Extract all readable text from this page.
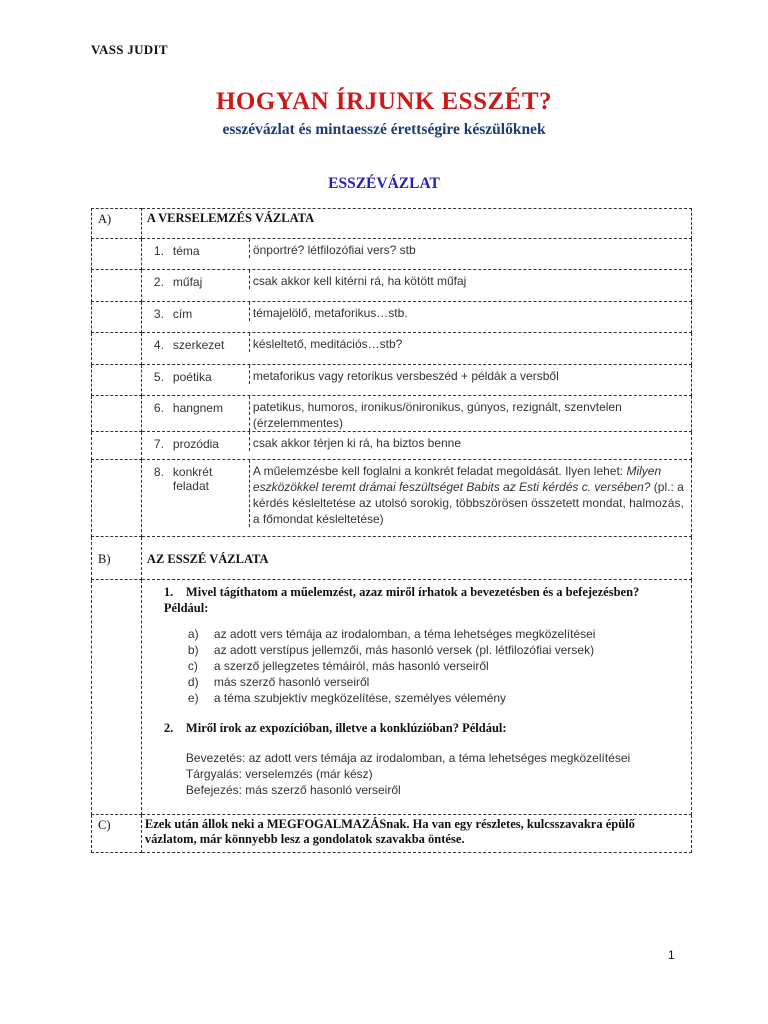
VASS JUDIT
HOGYAN ÍRJUNK ESSZÉT?
esszévázlat és mintaesszé érettségire készülőknek
ESSZÉVÁZLAT
A)	A VERSELEMZÉS VÁZLATA

1.		téma	önportré? létfilozófiai vers? stb

2.		műfaj	csak akkor kell kitérni rá, ha kötött műfaj

3.		cím	témajelölő, metaforikus…stb.

4.		szerkezet	késleltető, meditációs…stb?

5.		poétika	metaforikus vagy retorikus versbeszéd + példák a versből

6.		hangnem	patetikus, humoros, ironikus/önironikus, gúnyos, rezignált, szenvtelen (érzelemmentes)

7.		prozódia	csak akkor térjen ki rá, ha biztos benne

8.		konkrét feladat	A műelemzésbe kell foglalni a konkrét feladat megoldását. Ilyen lehet: Milyen eszközökkel teremt drámai feszültséget Babits az Esti kérdés c. versében? (pl.: a kérdés késleltetése az utolsó sorokig, többszörösen összetett mondat, halmozás, a főmondat késleltetése)

B)	AZ ESSZÉ VÁZLATA

1. Mivel tágíthatom a műelemzést, azaz miről írhatok a bevezetésben és a befejezésben? Például:

a) az adott vers témája az irodalomban, a téma lehetséges megközelítései
b) az adott verstípus jellemzői, más hasonló versek (pl. létfilozófiai versek)
c) a szerző jellegzetes témáiról, más hasonló verseiről
d) más szerző hasonló verseiről
e) a téma szubjektív megközelítése, személyes vélemény

2. Miről írok az expozícióban, illetve a konklúzióban? Például:

Bevezetés: az adott vers témája az irodalomban, a téma lehetséges megközelítései

Tárgyalás: verselemzés (már kész)

Befejezés: más szerző hasonló verseiről

C)	Ezek után állok neki a MEGFOGALMAZÁSnak. Ha van egy részletes, kulcsszavakra épülő vázlatom, már könnyebb lesz a gondolatok szavakba öntése.
1
